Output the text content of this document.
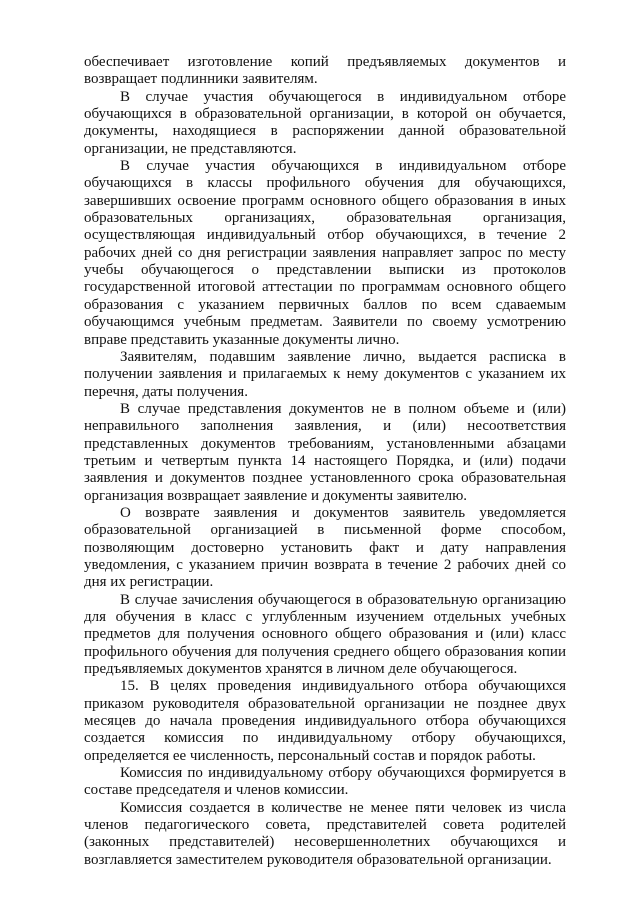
обеспечивает изготовление копий предъявляемых документов и возвращает подлинники заявителям.

В случае участия обучающегося в индивидуальном отборе обучающихся в образовательной организации, в которой он обучается, документы, находящиеся в распоряжении данной образовательной организации, не представляются.

В случае участия обучающихся в индивидуальном отборе обучающихся в классы профильного обучения для обучающихся, завершивших освоение программ основного общего образования в иных образовательных организациях, образовательная организация, осуществляющая индивидуальный отбор обучающихся, в течение 2 рабочих дней со дня регистрации заявления направляет запрос по месту учебы обучающегося о представлении выписки из протоколов государственной итоговой аттестации по программам основного общего образования с указанием первичных баллов по всем сдаваемым обучающимся учебным предметам. Заявители по своему усмотрению вправе представить указанные документы лично.

Заявителям, подавшим заявление лично, выдается расписка в получении заявления и прилагаемых к нему документов с указанием их перечня, даты получения.

В случае представления документов не в полном объеме и (или) неправильного заполнения заявления, и (или) несоответствия представленных документов требованиям, установленными абзацами третьим и четвертым пункта 14 настоящего Порядка, и (или) подачи заявления и документов позднее установленного срока образовательная организация возвращает заявление и документы заявителю.

О возврате заявления и документов заявитель уведомляется образовательной организацией в письменной форме способом, позволяющим достоверно установить факт и дату направления уведомления, с указанием причин возврата в течение 2 рабочих дней со дня их регистрации.

В случае зачисления обучающегося в образовательную организацию для обучения в класс с углубленным изучением отдельных учебных предметов для получения основного общего образования и (или) класс профильного обучения для получения среднего общего образования копии предъявляемых документов хранятся в личном деле обучающегося.

15. В целях проведения индивидуального отбора обучающихся приказом руководителя образовательной организации не позднее двух месяцев до начала проведения индивидуального отбора обучающихся создается комиссия по индивидуальному отбору обучающихся, определяется ее численность, персональный состав и порядок работы.

Комиссия по индивидуальному отбору обучающихся формируется в составе председателя и членов комиссии.

Комиссия создается в количестве не менее пяти человек из числа членов педагогического совета, представителей совета родителей (законных представителей) несовершеннолетних обучающихся и возглавляется заместителем руководителя образовательной организации.
